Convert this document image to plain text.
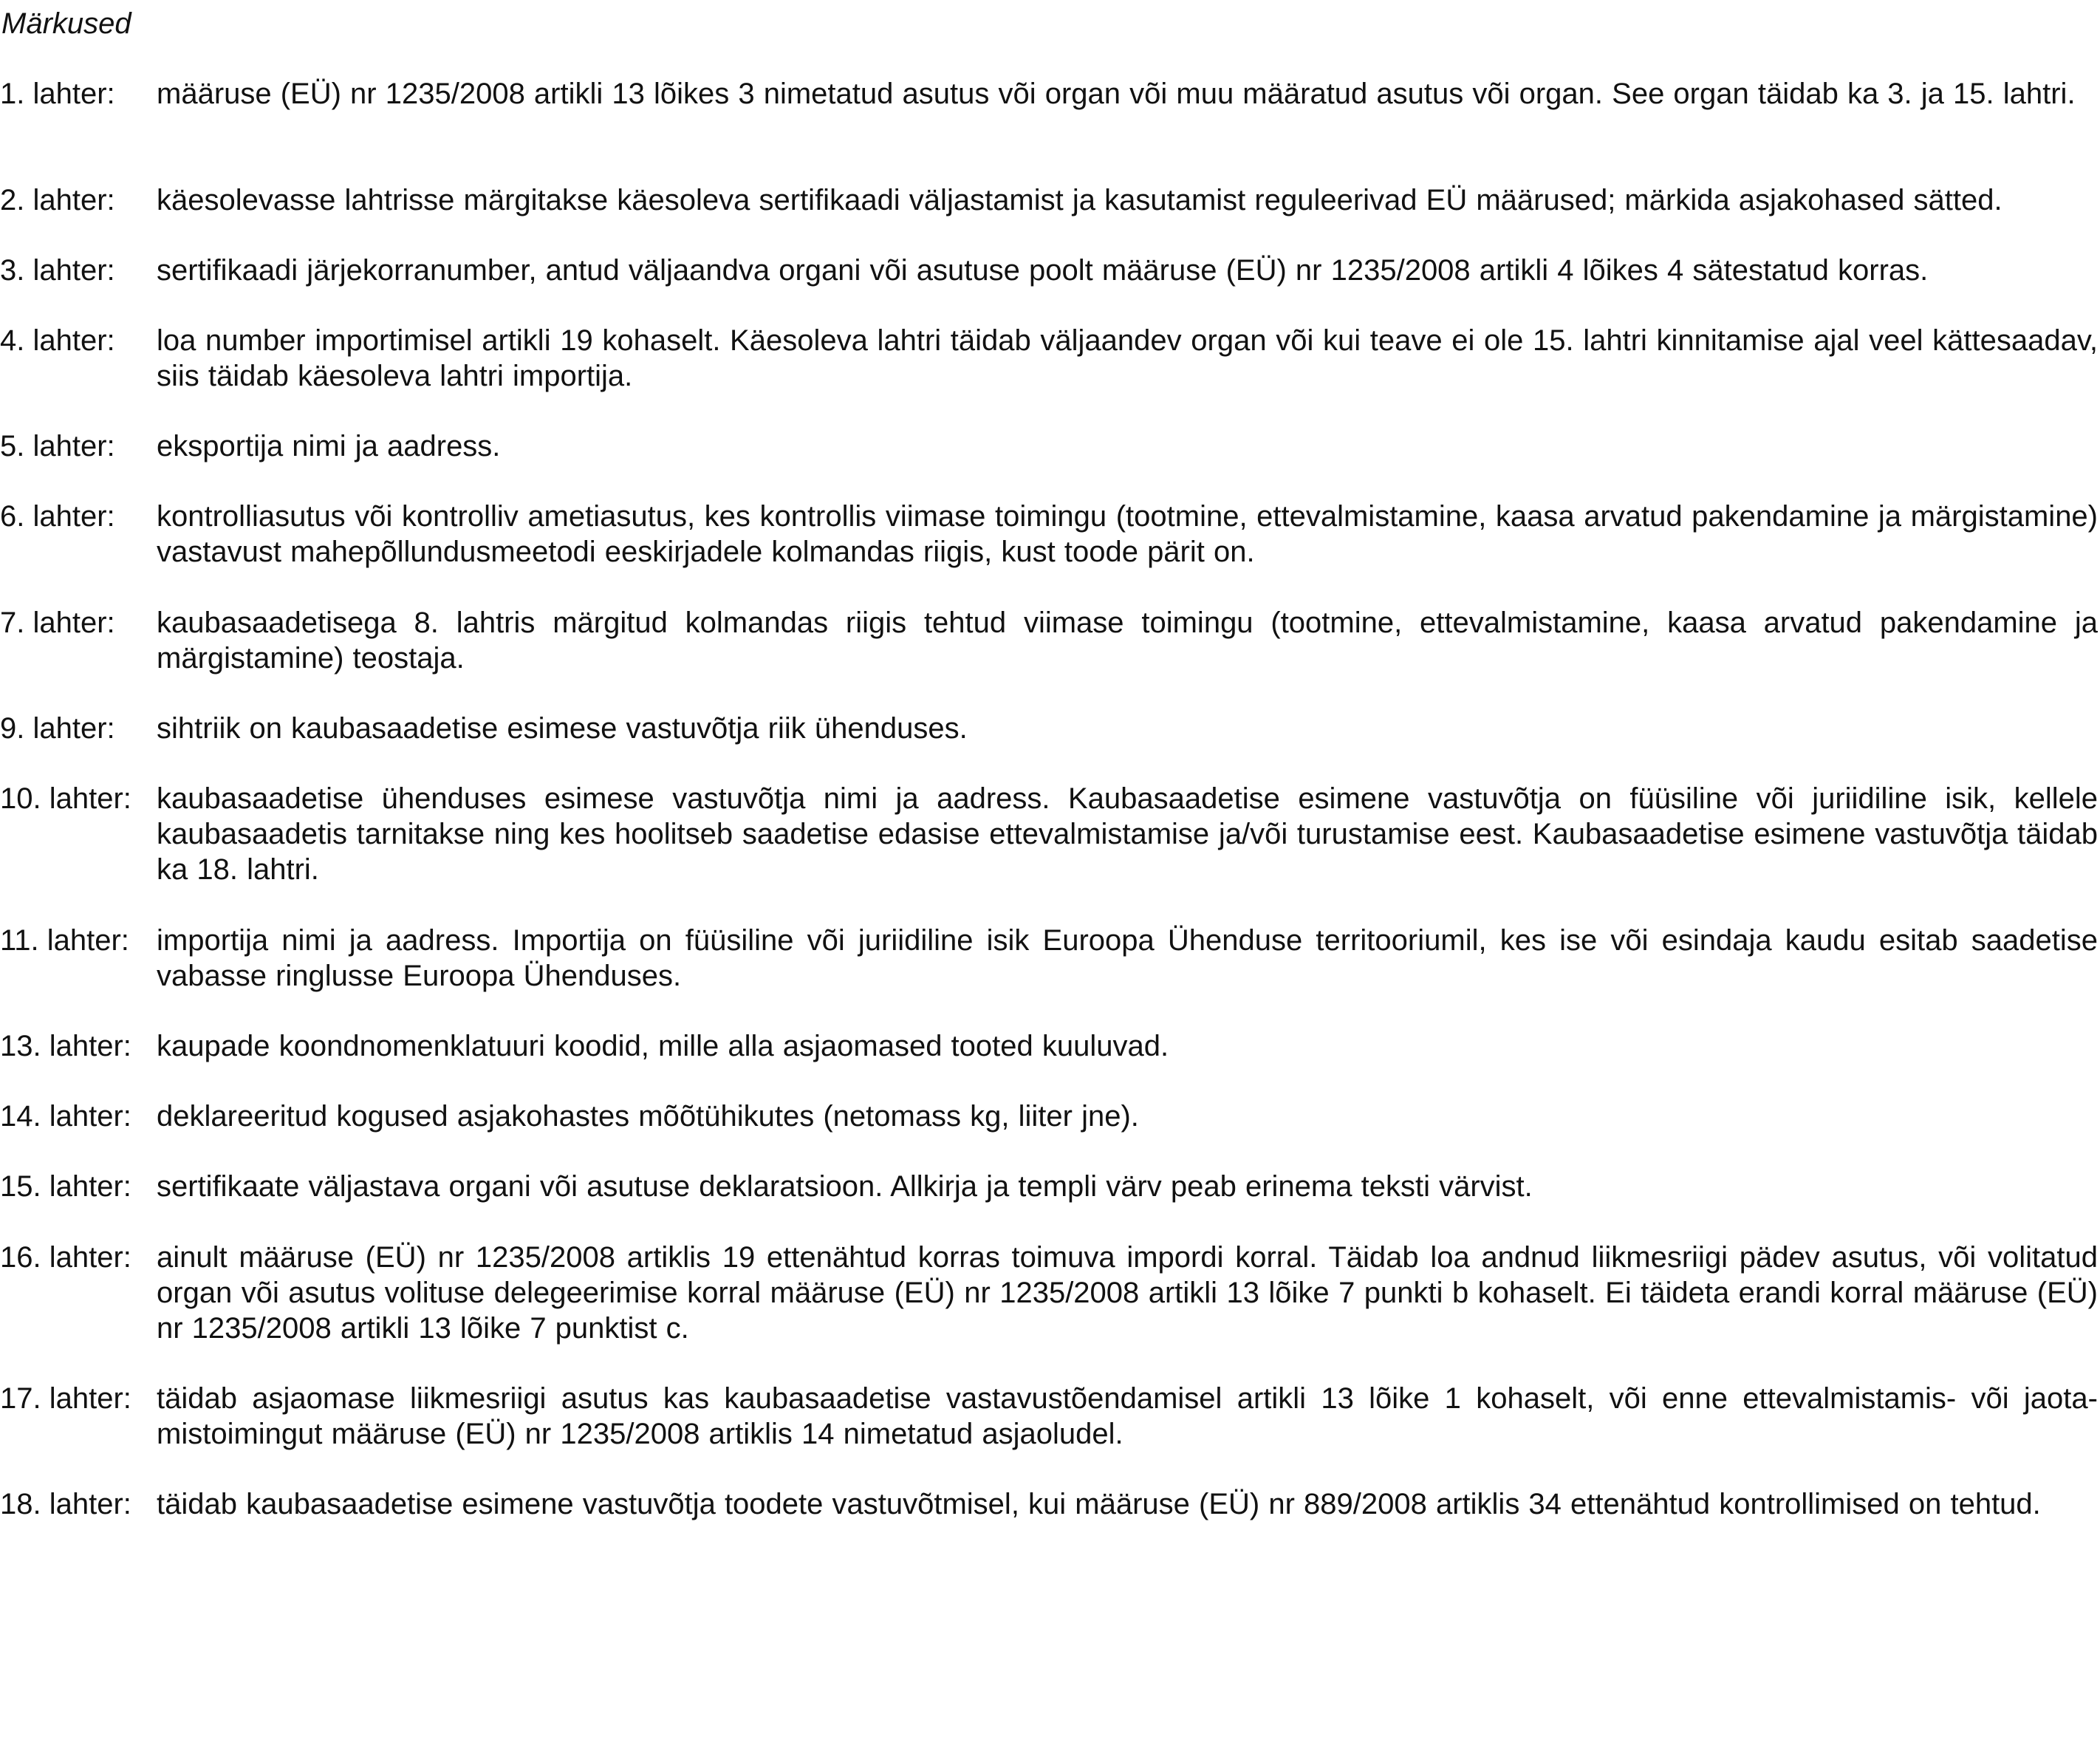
Märkused
1. lahter:	määruse (EÜ) nr 1235/2008 artikli 13 lõikes 3 nimetatud asutus või organ või muu määratud asutus või organ. See organ täidab ka 3. ja 15. lahtri.
2. lahter:	käesolevasse lahtrisse märgitakse käesoleva sertifikaadi väljastamist ja kasutamist reguleerivad EÜ määrused; märkida asjakohased sätted.
3. lahter:	sertifikaadi järjekorranumber, antud väljaandva organi või asutuse poolt määruse (EÜ) nr 1235/2008 artikli 4 lõikes 4 sätestatud korras.
4. lahter:	loa number importimisel artikli 19 kohaselt. Käesoleva lahtri täidab väljaandev organ või kui teave ei ole 15. lahtri kinnitamise ajal veel kättesaadav, siis täidab käesoleva lahtri importija.
5. lahter:	eksportija nimi ja aadress.
6. lahter:	kontrolliasutus või kontrolliv ametiasutus, kes kontrollis viimase toimingu (tootmine, ettevalmistamine, kaasa arvatud pakendamine ja märgistamine) vastavust mahepõllundusmeetodi eeskirjadele kolmandas riigis, kust toode pärit on.
7. lahter:	kaubasaadetisega 8. lahtris märgitud kolmandas riigis tehtud viimase toimingu (tootmine, ettevalmistamine, kaasa arvatud pakendamine ja märgistamine) teostaja.
9. lahter:	sihtriik on kaubasaadetise esimese vastuvõtja riik ühenduses.
10. lahter: kaubasaadetise ühenduses esimese vastuvõtja nimi ja aadress. Kaubasaadetise esimene vastuvõtja on füüsiline või juriidiline isik, kellele kaubasaadetis tarnitakse ning kes hoolitseb saadetise edasise ettevalmistamise ja/või turustamise eest. Kaubasaadetise esimene vastuvõtja täidab ka 18. lahtri.
11. lahter: importija nimi ja aadress. Importija on füüsiline või juriidiline isik Euroopa Ühenduse territooriumil, kes ise või esindaja kaudu esitab saadetise vabasse ringlusse Euroopa Ühenduses.
13. lahter: kaupade koondnomenklatuuri koodid, mille alla asjaomased tooted kuuluvad.
14. lahter: deklareeritud kogused asjakohastes mõõtühikutes (netomass kg, liiter jne).
15. lahter: sertifikaate väljastava organi või asutuse deklaratsioon. Allkirja ja templi värv peab erinema teksti värvist.
16. lahter: ainult määruse (EÜ) nr 1235/2008 artiklis 19 ettenähtud korras toimuva impordi korral. Täidab loa andnud liikmesriigi pädev asutus, või volitatud organ või asutus volituse delegeerimise korral määruse (EÜ) nr 1235/2008 artikli 13 lõike 7 punkti b kohaselt. Ei täideta erandi korral määruse (EÜ) nr 1235/2008 artikli 13 lõike 7 punktist c.
17. lahter: täidab asjaomase liikmesriigi asutus kas kaubasaadetise vastavustõendamisel artikli 13 lõike 1 kohaselt, või enne ettevalmistamis- või jaotamistoimingut määruse (EÜ) nr 1235/2008 artiklis 14 nimetatud asjaoludel.
18. lahter: täidab kaubasaadetise esimene vastuvõtja toodete vastuvõtmisel, kui määruse (EÜ) nr 889/2008 artiklis 34 ettenähtud kontrollimised on tehtud.
